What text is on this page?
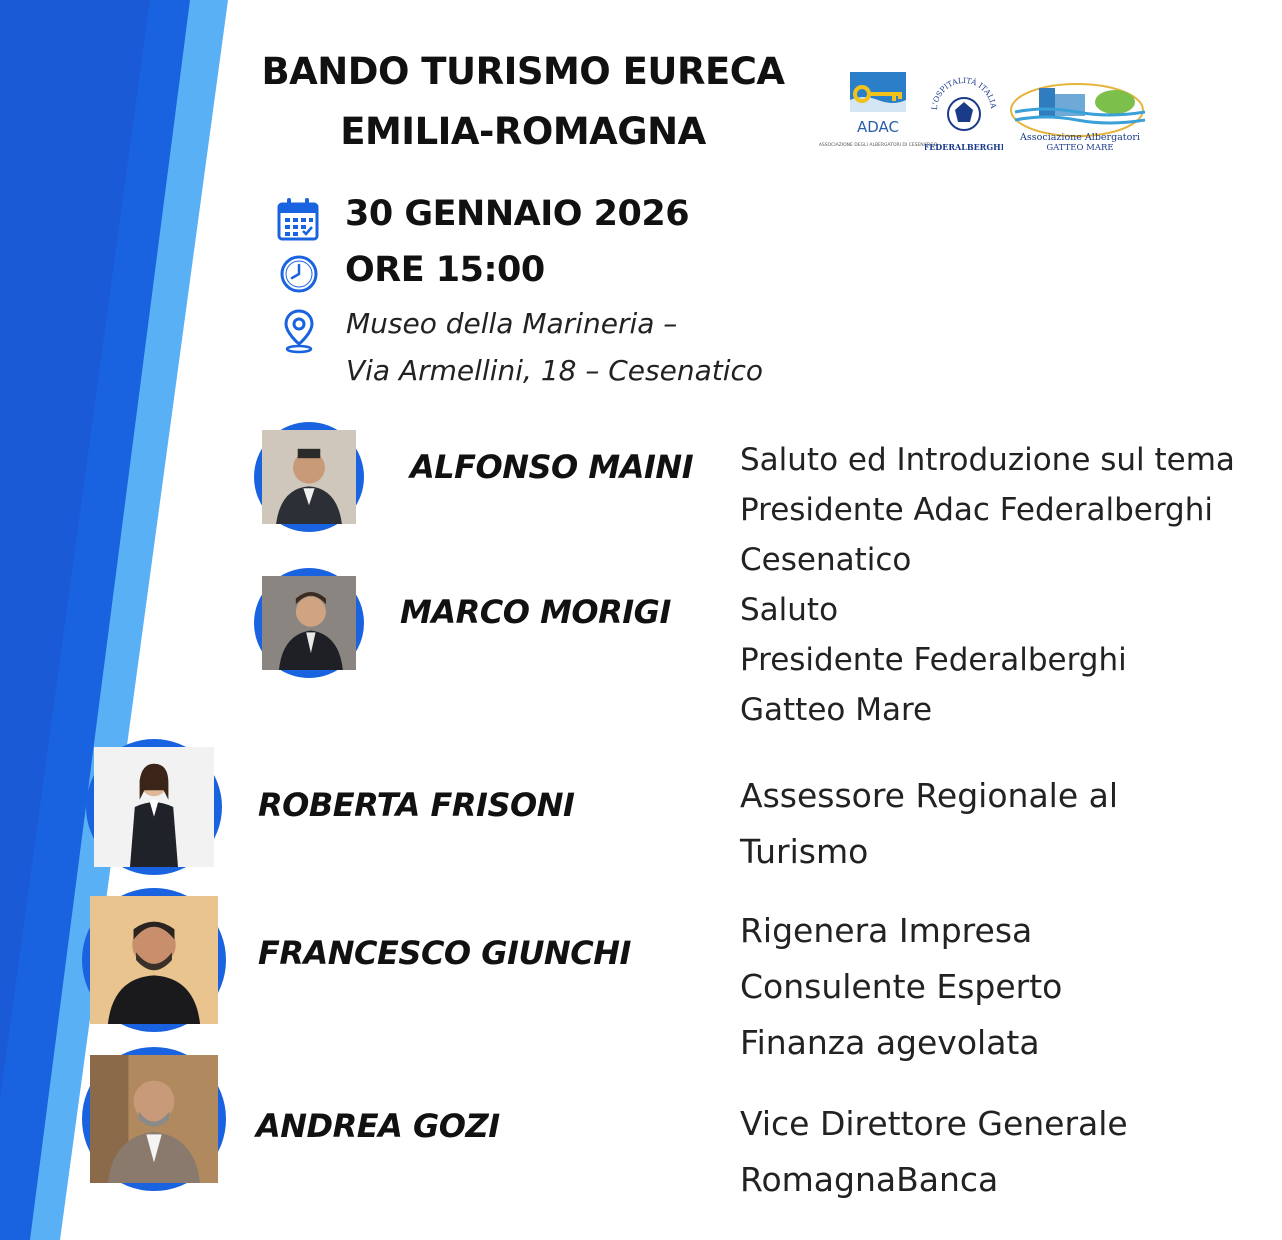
BANDO TURISMO EURECA
EMILIA-ROMAGNA	ADAC
ASSOCIAZIONE DEGLI ALBERGATORI DI CESENATICO
L'OSPITALITÀ ITALIA
FEDERALBERGHI
Associazione Albergatori
GATTEO MARE
30 GENNAIO 2026
ORE 15:00
Museo della Marineria –
Via Armellini, 18 – Cesenatico
ALFONSO MAINI Saluto ed Introduzione sul tema
Presidente Adac Federalberghi
Cesenatico
MARCO MORIGI Saluto
Presidente Federalberghi
Gatteo Mare
ROBERTA FRISONI	Assessore Regionale al
Turismo
FRANCESCO GIUNCHI
Rigenera Impresa
Consulente Esperto
Finanza agevolata
ANDREA GOZI	Vice Direttore Generale
RomagnaBanca
